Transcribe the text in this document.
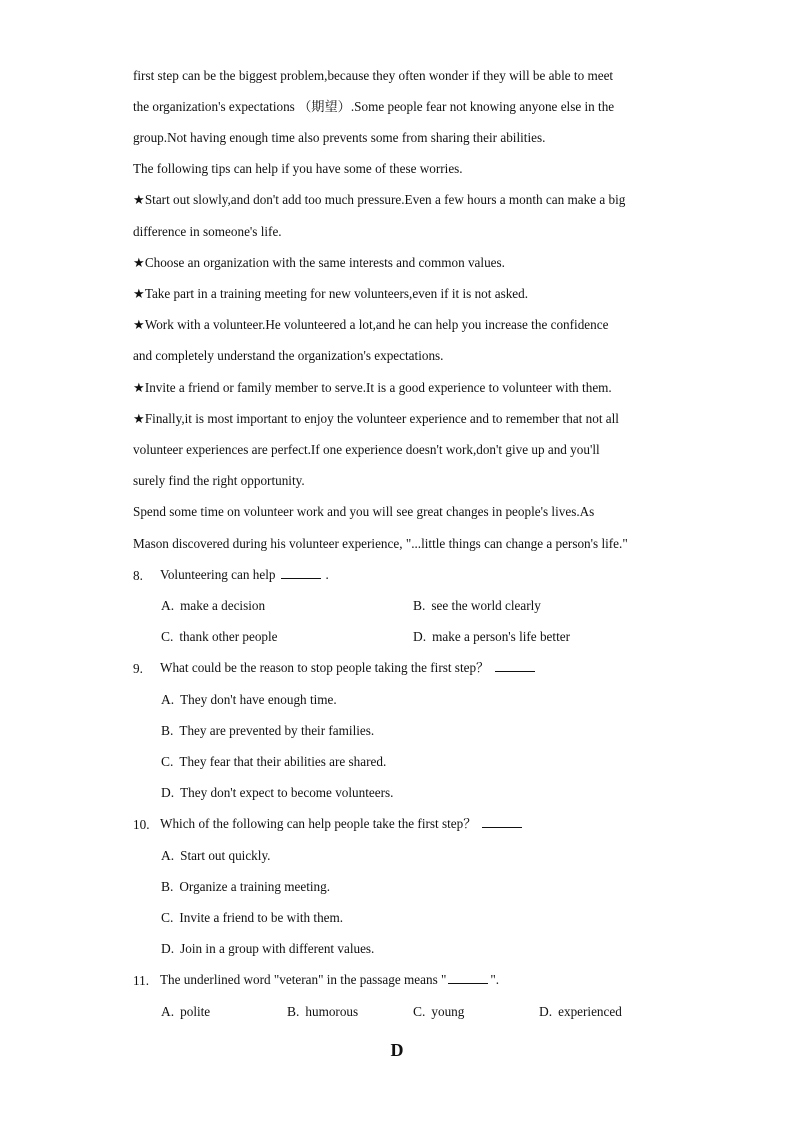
first step can be the biggest problem,because they often wonder if they will be able to meet
the organization's expectations （期望）.Some people fear not knowing anyone else in the
group.Not having enough time also prevents some from sharing their abilities.
The following tips can help if you have some of these worries.
★Start out slowly,and don't add too much pressure.Even a few hours a month can make a big
difference in someone's life.
★Choose an organization with the same interests and common values.
★Take part in a training meeting for new volunteers,even if it is not asked.
★Work with a volunteer.He volunteered a lot,and he can help you increase the confidence
and completely understand the organization's expectations.
★Invite a friend or family member to serve.It is a good experience to volunteer with them.
★Finally,it is most important to enjoy the volunteer experience and to remember that not all
volunteer experiences are perfect.If one experience doesn't work,don't give up and you'll
surely find the right opportunity.
Spend some time on volunteer work and you will see great changes in people's lives.As
Mason discovered during his volunteer experience, "...little things can change a person's life."
8. Volunteering can help	.
A. make a decision	B. see the world clearly
C. thank other people	D. make a person's life better
9. What could be the reason to stop people taking the first step？
A. They don't have enough time.
B. They are prevented by their families.
C. They fear that their abilities are shared.
D. They don't expect to become volunteers.
10. Which of the following can help people take the first step？
A. Start out quickly.
B. Organize a training meeting.
C. Invite a friend to be with them.
D. Join in a group with different values.
11. The underlined word "veteran" in the passage means "	".
A. polite	B. humorous	C. young	D. experienced
D
